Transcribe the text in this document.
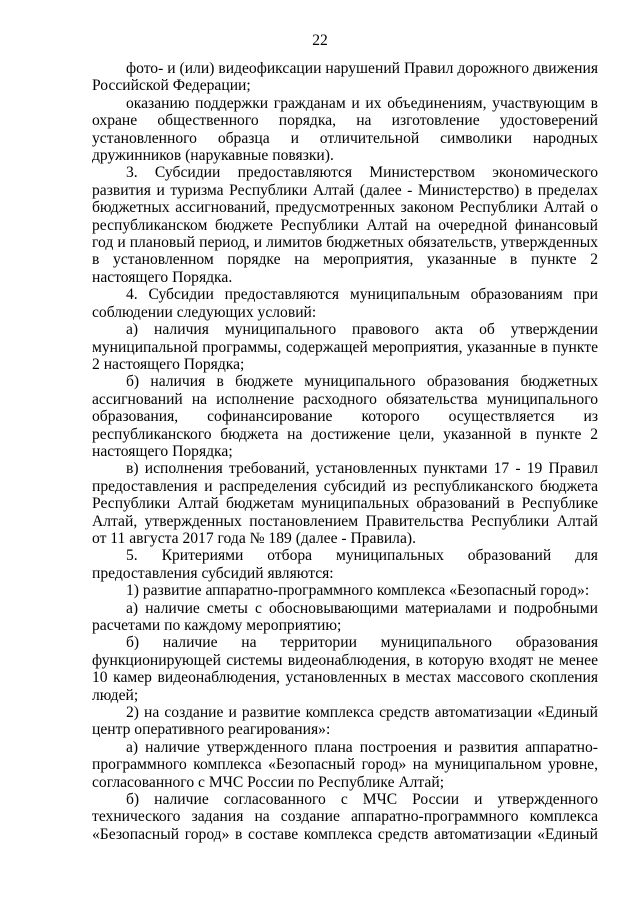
22

фото- и (или) видеофиксации нарушений Правил дорожного движения Российской Федерации;

оказанию поддержки гражданам и их объединениям, участвующим в охране общественного порядка, на изготовление удостоверений установленного образца и отличительной символики народных дружинников (нарукавные повязки).

3. Субсидии предоставляются Министерством экономического развития и туризма Республики Алтай (далее - Министерство) в пределах бюджетных ассигнований, предусмотренных законом Республики Алтай о республиканском бюджете Республики Алтай на очередной финансовый год и плановый период, и лимитов бюджетных обязательств, утвержденных в установленном порядке на мероприятия, указанные в пункте 2 настоящего Порядка.

4. Субсидии предоставляются муниципальным образованиям при соблюдении следующих условий:

а) наличия муниципального правового акта об утверждении муниципальной программы, содержащей мероприятия, указанные в пункте 2 настоящего Порядка;

б) наличия в бюджете муниципального образования бюджетных ассигнований на исполнение расходного обязательства муниципального образования, софинансирование которого осуществляется из республиканского бюджета на достижение цели, указанной в пункте 2 настоящего Порядка;

в) исполнения требований, установленных пунктами 17 - 19 Правил предоставления и распределения субсидий из республиканского бюджета Республики Алтай бюджетам муниципальных образований в Республике Алтай, утвержденных постановлением Правительства Республики Алтай от 11 августа 2017 года № 189 (далее - Правила).

5. Критериями отбора муниципальных образований для предоставления субсидий являются:

1) развитие аппаратно-программного комплекса «Безопасный город»:

а) наличие сметы с обосновывающими материалами и подробными расчетами по каждому мероприятию;

б) наличие на территории муниципального образования функционирующей системы видеонаблюдения, в которую входят не менее 10 камер видеонаблюдения, установленных в местах массового скопления людей;

2) на создание и развитие комплекса средств автоматизации «Единый центр оперативного реагирования»:

а) наличие утвержденного плана построения и развития аппаратно-программного комплекса «Безопасный город» на муниципальном уровне, согласованного с МЧС России по Республике Алтай;

б) наличие согласованного с МЧС России и утвержденного технического задания на создание аппаратно-программного комплекса «Безопасный город» в составе комплекса средств автоматизации «Единый
